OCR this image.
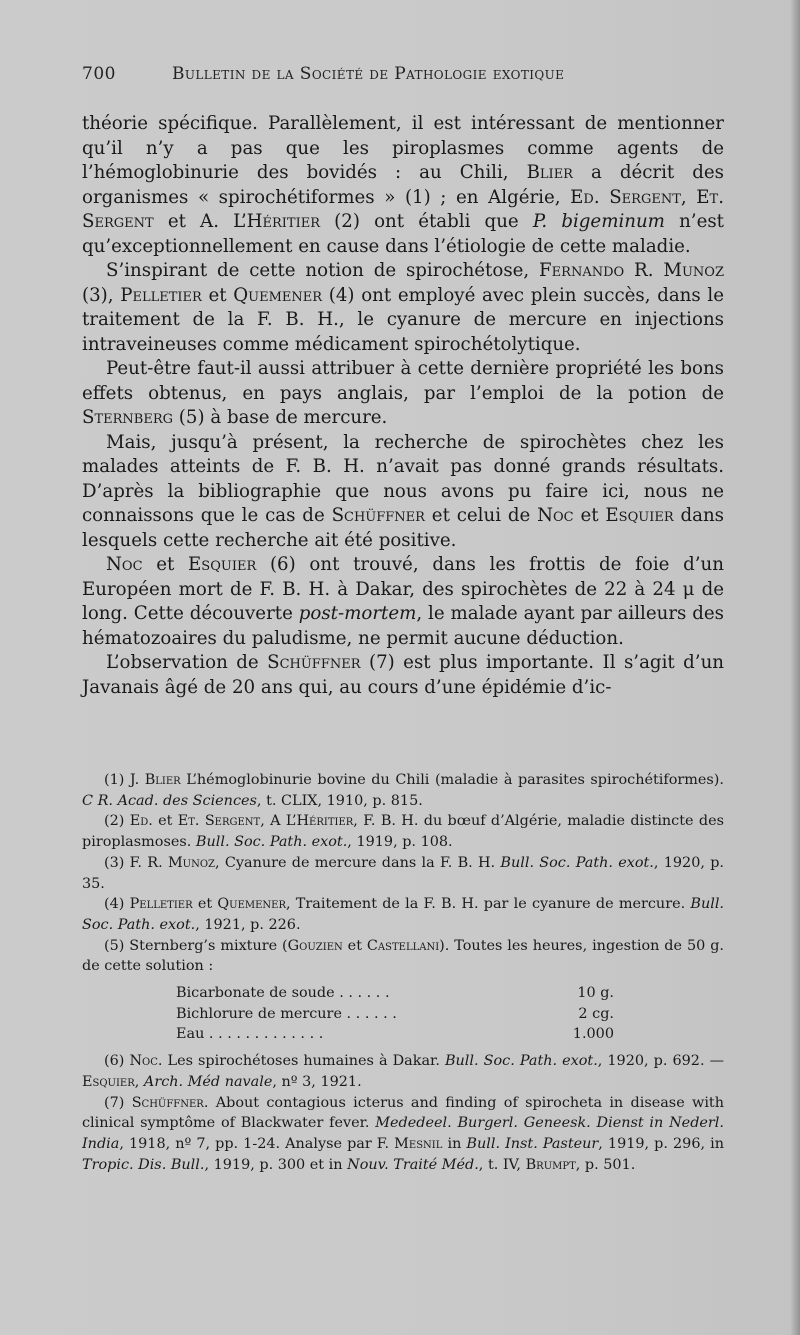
700	Bulletin de la Société de Pathologie exotique

théorie spécifique. Parallèlement, il est intéressant de mentionner qu’il n’y a pas que les piroplasmes comme agents de l’hémoglobinurie des bovidés : au Chili, Blier a décrit des organismes « spirochétiformes » (1) ; en Algérie, Ed. Sergent, Et. Sergent et A. L’Héritier (2) ont établi que P. bigeminum n’est qu’exceptionnellement en cause dans l’étiologie de cette maladie.

S’inspirant de cette notion de spirochétose, Fernando R. Munoz (3), Pelletier et Quemener (4) ont employé avec plein succès, dans le traitement de la F. B. H., le cyanure de mercure en injections intraveineuses comme médicament spirochétolytique.

Peut-être faut-il aussi attribuer à cette dernière propriété les bons effets obtenus, en pays anglais, par l’emploi de la potion de Sternberg (5) à base de mercure.

Mais, jusqu’à présent, la recherche de spirochètes chez les malades atteints de F. B. H. n’avait pas donné grands résultats. D’après la bibliographie que nous avons pu faire ici, nous ne connaissons que le cas de Schüffner et celui de Noc et Esquier dans lesquels cette recherche ait été positive.

Noc et Esquier (6) ont trouvé, dans les frottis de foie d’un Européen mort de F. B. H. à Dakar, des spirochètes de 22 à 24 μ de long. Cette découverte post-mortem, le malade ayant par ailleurs des hématozoaires du paludisme, ne permit aucune déduction.

L’observation de Schüffner (7) est plus importante. Il s’agit d’un Javanais âgé de 20 ans qui, au cours d’une épidémie d’ic-

(1) J. Blier L’hémoglobinurie bovine du Chili (maladie à parasites spirochétiformes). C R. Acad. des Sciences, t. CLIX, 1910, p. 815.

(2) Ed. et Et. Sergent, A L’Héritier, F. B. H. du bœuf d’Algérie, maladie distincte des piroplasmoses. Bull. Soc. Path. exot., 1919, p. 108.

(3) F. R. Munoz, Cyanure de mercure dans la F. B. H. Bull. Soc. Path. exot., 1920, p. 35.

(4) Pelletier et Quemener, Traitement de la F. B. H. par le cyanure de mercure. Bull. Soc. Path. exot., 1921, p. 226.

(5) Sternberg’s mixture (Gouzien et Castellani). Toutes les heures, ingestion de 50 g. de cette solution :

Bicarbonate de soude . . . . . .	10 g.
Bichlorure de mercure . . . . . .	2 cg.
Eau . . . . . . . . . . . . .	1.000

(6) Noc. Les spirochétoses humaines à Dakar. Bull. Soc. Path. exot., 1920, p. 692. — Esquier, Arch. Méd navale, nº 3, 1921.

(7) Schüffner. About contagious icterus and finding of spirocheta in disease with clinical symptôme of Blackwater fever. Mededeel. Burgerl. Geneesk. Dienst in Nederl. India, 1918, nº 7, pp. 1-24. Analyse par F. Mesnil in Bull. Inst. Pasteur, 1919, p. 296, in Tropic. Dis. Bull., 1919, p. 300 et in Nouv. Traité Méd., t. IV, Brumpt, p. 501.
